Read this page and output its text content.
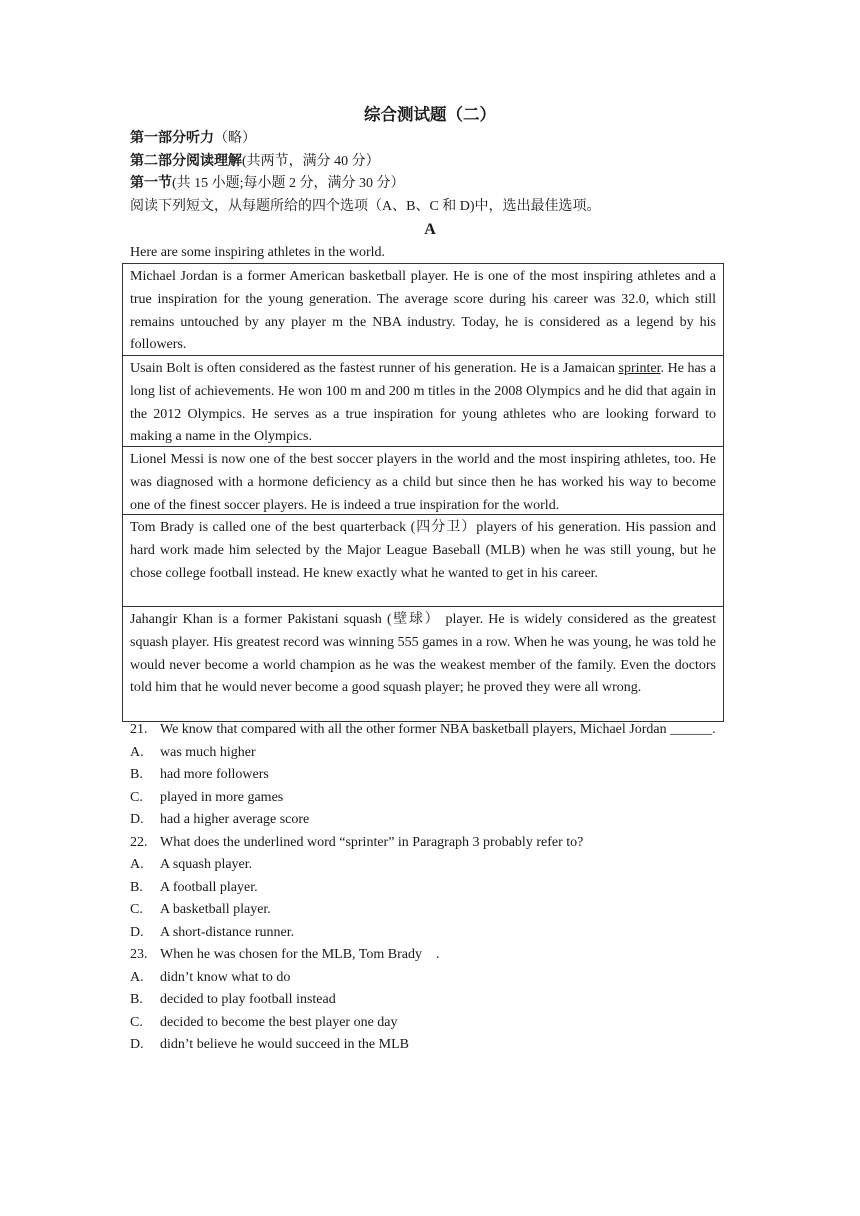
综合测试题（二）
第一部分听力（略）
第二部分阅读理解(共两节，满分 40 分）
第一节(共 15 小题;每小题 2 分，满分 30 分）
阅读下列短文，从每题所给的四个选项（A、B、C 和 D)中，选出最佳选项。
A
Here are some inspiring athletes in the world.
Michael Jordan is a former American basketball player. He is one of the most inspiring athletes and a true inspiration for the young generation. The average score during his career was 32.0, which still remains untouched by any player m the NBA industry. Today, he is considered as a legend by his followers.
Usain Bolt is often considered as the fastest runner of his generation. He is a Jamaican sprinter. He has a long list of achievements. He won 100 m and 200 m titles in the 2008 Olympics and he did that again in the 2012 Olympics. He serves as a true inspiration for young athletes who are looking forward to making a name in the Olympics.
Lionel Messi is now one of the best soccer players in the world and the most inspiring athletes, too. He was diagnosed with a hormone deficiency as a child but since then he has worked his way to become one of the finest soccer players. He is indeed a true inspiration for the world.
Tom Brady is called one of the best quarterback (四分卫）players of his generation. His passion and hard work made him selected by the Major League Baseball (MLB) when he was still young, but he chose college football instead. He knew exactly what he wanted to get in his career.
Jahangir Khan is a former Pakistani squash (壁球） player. He is widely considered as the greatest squash player. His greatest record was winning 555 games in a row. When he was young, he was told he would never become a world champion as he was the weakest member of the family. Even the doctors told him that he would never become a good squash player; he proved they were all wrong.
21. We know that compared with all the other former NBA basketball players, Michael Jordan ______.
A. was much higher
B. had more followers
C. played in more games
D. had a higher average score
22. What does the underlined word “sprinter” in Paragraph 3 probably refer to?
A. A squash player.
B. A football player.
C. A basketball player.
D. A short-distance runner.
23. When he was chosen for the MLB, Tom Brady    .
A. didn’t know what to do
B. decided to play football instead
C. decided to become the best player one day
D. didn’t believe he would succeed in the MLB
